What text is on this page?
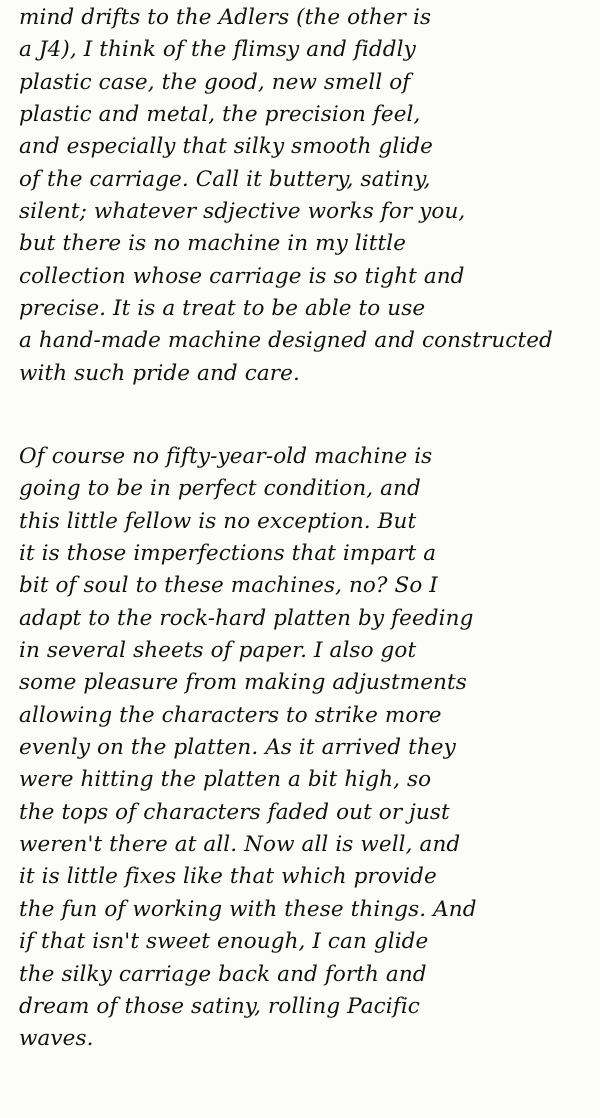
mind drifts to the Adlers (the other is
a J4), I think of the flimsy and fiddly
plastic case, the good, new smell of
plastic and metal, the precision feel,
and especially that silky smooth glide
of the carriage. Call it buttery, satiny,
silent; whatever sdjective works for you,
but there is no machine in my little
collection whose carriage is so tight and
precise. It is a treat to be able to use
a hand-made machine designed and constructed
with such pride and care.
Of course no fifty-year-old machine is
going to be in perfect condition, and
this little fellow is no exception. But
it is those imperfections that impart a
bit of soul to these machines, no? So I
adapt to the rock-hard platten by feeding
in several sheets of paper. I also got
some pleasure from making adjustments
allowing the characters to strike more
evenly on the platten. As it arrived they
were hitting the platten a bit high, so
the tops of characters faded out or just
weren't there at all. Now all is well, and
it is little fixes like that which provide
the fun of working with these things. And
if that isn't sweet enough, I can glide
the silky carriage back and forth and
dream of those satiny, rolling Pacific
waves.
